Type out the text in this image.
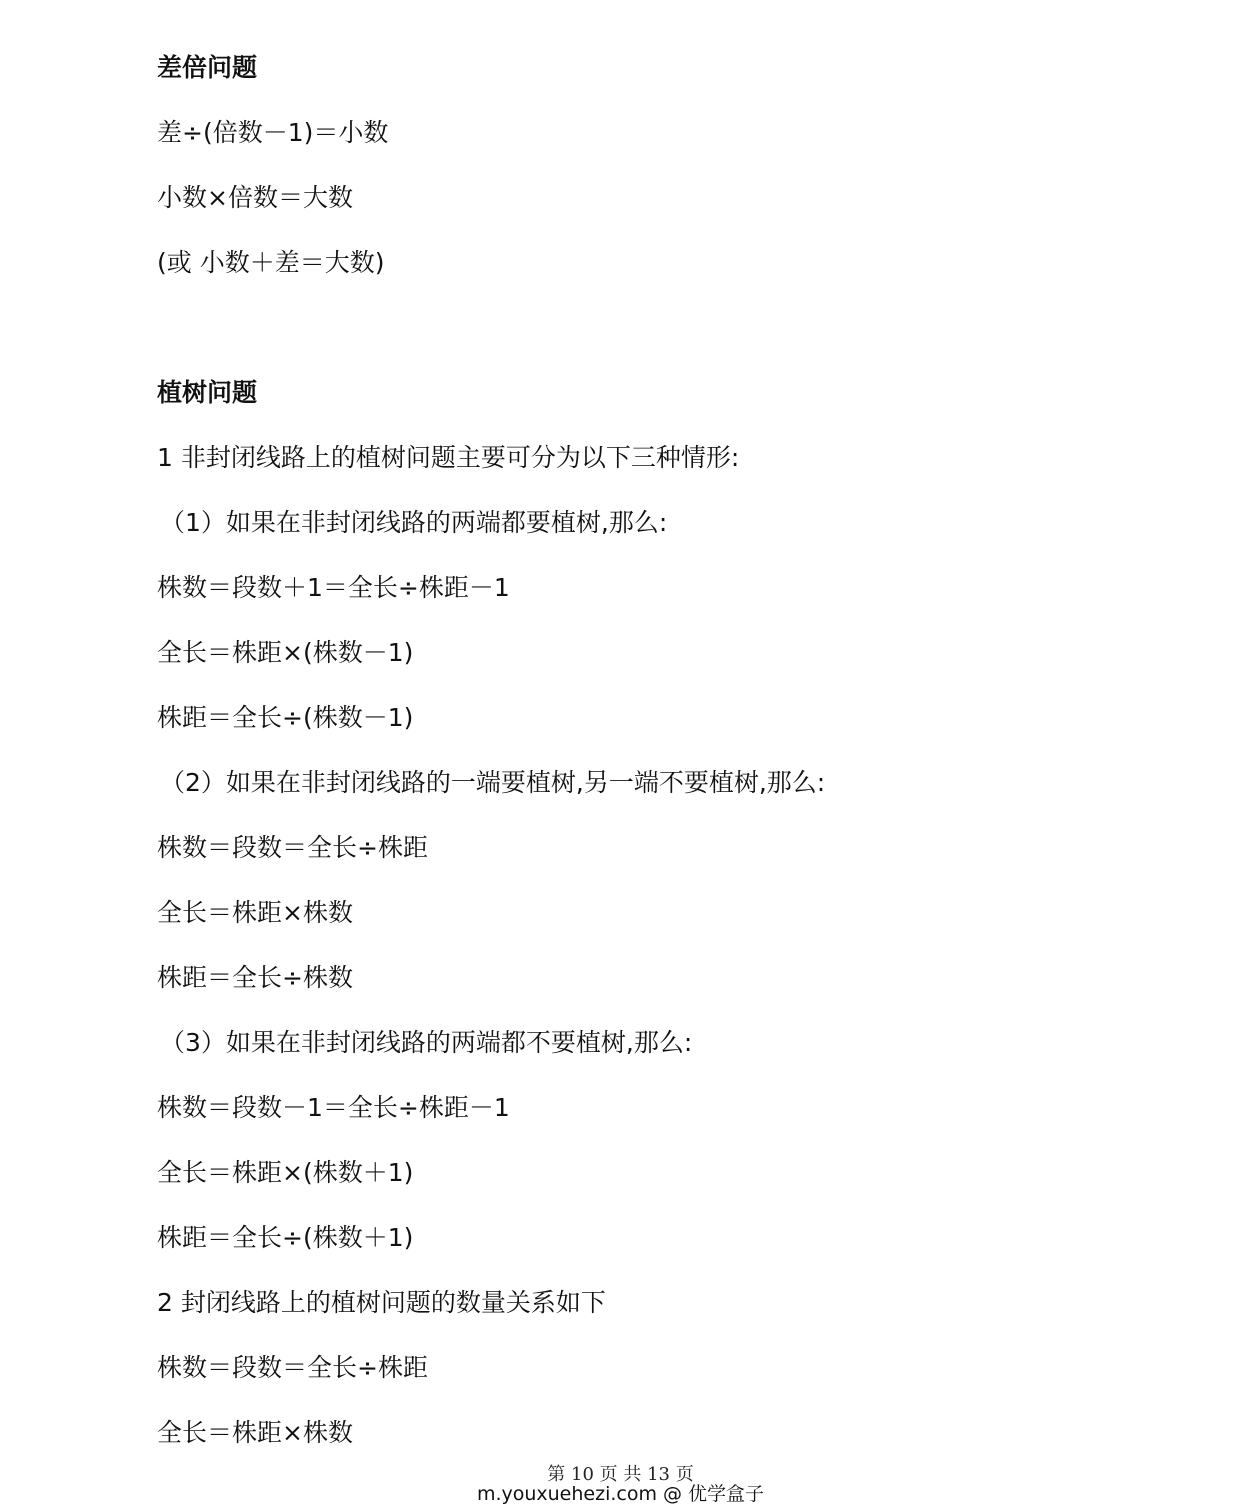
差倍问题
差÷(倍数－1)＝小数
小数×倍数＝大数
(或 小数＋差＝大数)
植树问题
1 非封闭线路上的植树问题主要可分为以下三种情形:
（1）如果在非封闭线路的两端都要植树,那么:
株数＝段数＋1＝全长÷株距－1
全长＝株距×(株数－1)
株距＝全长÷(株数－1)
（2）如果在非封闭线路的一端要植树,另一端不要植树,那么:
株数＝段数＝全长÷株距
全长＝株距×株数
株距＝全长÷株数
（3）如果在非封闭线路的两端都不要植树,那么:
株数＝段数－1＝全长÷株距－1
全长＝株距×(株数＋1)
株距＝全长÷(株数＋1)
2 封闭线路上的植树问题的数量关系如下
株数＝段数＝全长÷株距
全长＝株距×株数
第 10 页 共 13 页
m.youxuehezi.com @ 优学盒子
